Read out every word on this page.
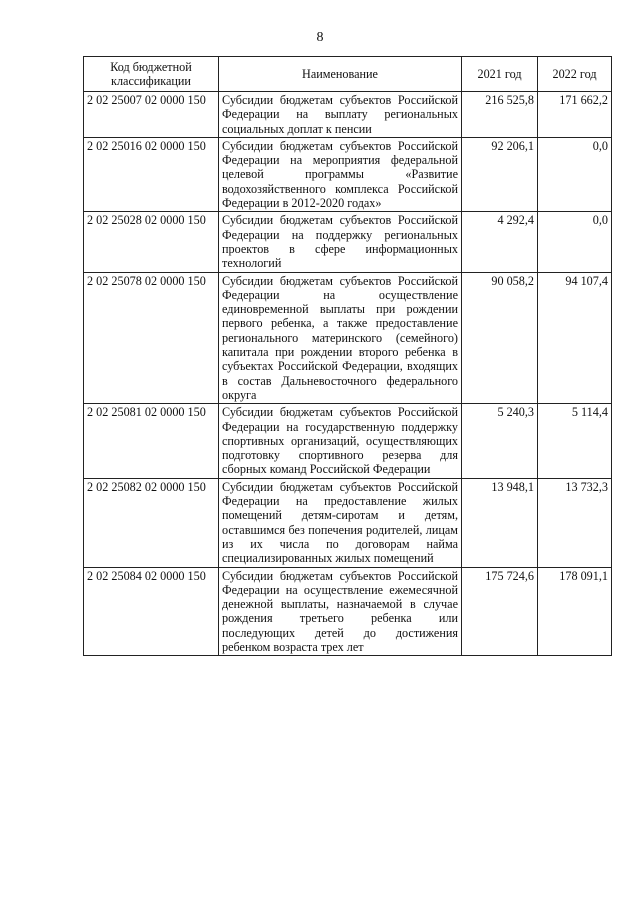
8
Код бюджетной классификации	Наименование	2021 год	2022 год
2 02 25007 02 0000 150	Субсидии бюджетам субъектов Российской Федерации на выплату региональных социальных доплат к пенсии	216 525,8	171 662,2
2 02 25016 02 0000 150	Субсидии бюджетам субъектов Российской Федерации на мероприятия федеральной целевой программы «Развитие водохозяйственного комплекса Российской Федерации в 2012-2020 годах»	92 206,1	0,0
2 02 25028 02 0000 150	Субсидии бюджетам субъектов Российской Федерации на поддержку региональных проектов в сфере информационных технологий	4 292,4	0,0
2 02 25078 02 0000 150	Субсидии бюджетам субъектов Российской Федерации на осуществление единовременной выплаты при рождении первого ребенка, а также предоставление регионального материнского (семейного) капитала при рождении второго ребенка в субъектах Российской Федерации, входящих в состав Дальневосточного федерального округа	90 058,2	94 107,4
2 02 25081 02 0000 150	Субсидии бюджетам субъектов Российской Федерации на государственную поддержку спортивных организаций, осуществляющих подготовку спортивного резерва для сборных команд Российской Федерации	5 240,3	5 114,4
2 02 25082 02 0000 150	Субсидии бюджетам субъектов Российской Федерации на предоставление жилых помещений детям-сиротам и детям, оставшимся без попечения родителей, лицам из их числа по договорам найма специализированных жилых помещений	13 948,1	13 732,3
2 02 25084 02 0000 150	Субсидии бюджетам субъектов Российской Федерации на осуществление ежемесячной денежной выплаты, назначаемой в случае рождения третьего ребенка или последующих детей до достижения ребенком возраста трех лет	175 724,6	178 091,1
